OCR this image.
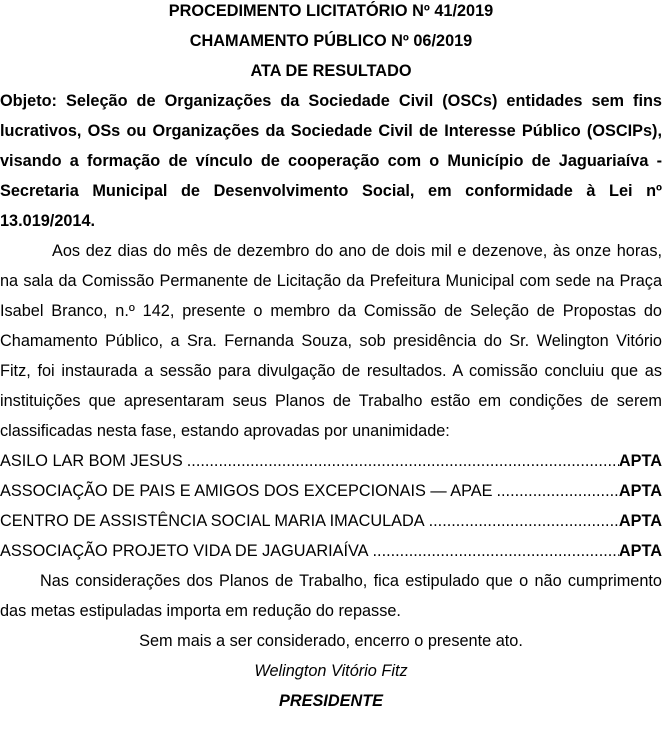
PROCEDIMENTO LICITATÓRIO Nº 41/2019

CHAMAMENTO PÚBLICO Nº 06/2019

ATA DE RESULTADO

Objeto: Seleção de Organizações da Sociedade Civil (OSCs) entidades sem fins lucrativos, OSs ou Organizações da Sociedade Civil de Interesse Público (OSCIPs), visando a formação de vínculo de cooperação com o Município de Jaguariaíva - Secretaria Municipal de Desenvolvimento Social, em conformidade à Lei nº 13.019/2014.

Aos dez dias do mês de dezembro do ano de dois mil e dezenove, às onze horas, na sala da Comissão Permanente de Licitação da Prefeitura Municipal com sede na Praça Isabel Branco, n.º 142, presente o membro da Comissão de Seleção de Propostas do Chamamento Público, a Sra. Fernanda Souza, sob presidência do Sr. Welington Vitório Fitz, foi instaurada a sessão para divulgação de resultados. A comissão concluiu que as instituições que apresentaram seus Planos de Trabalho estão em condições de serem classificadas nesta fase, estando aprovadas por unanimidade:

ASILO LAR BOM JESUS .....	APTA
ASSOCIAÇÃO DE PAIS E AMIGOS DOS EXCEPCIONAIS — APAE .....	APTA
CENTRO DE ASSISTÊNCIA SOCIAL MARIA IMACULADA .....	APTA
ASSOCIAÇÃO PROJETO VIDA DE JAGUARIAÍVA .....	APTA

Nas considerações dos Planos de Trabalho, fica estipulado que o não cumprimento das metas estipuladas importa em redução do repasse.

Sem mais a ser considerado, encerro o presente ato.

Welington Vitório Fitz

PRESIDENTE
